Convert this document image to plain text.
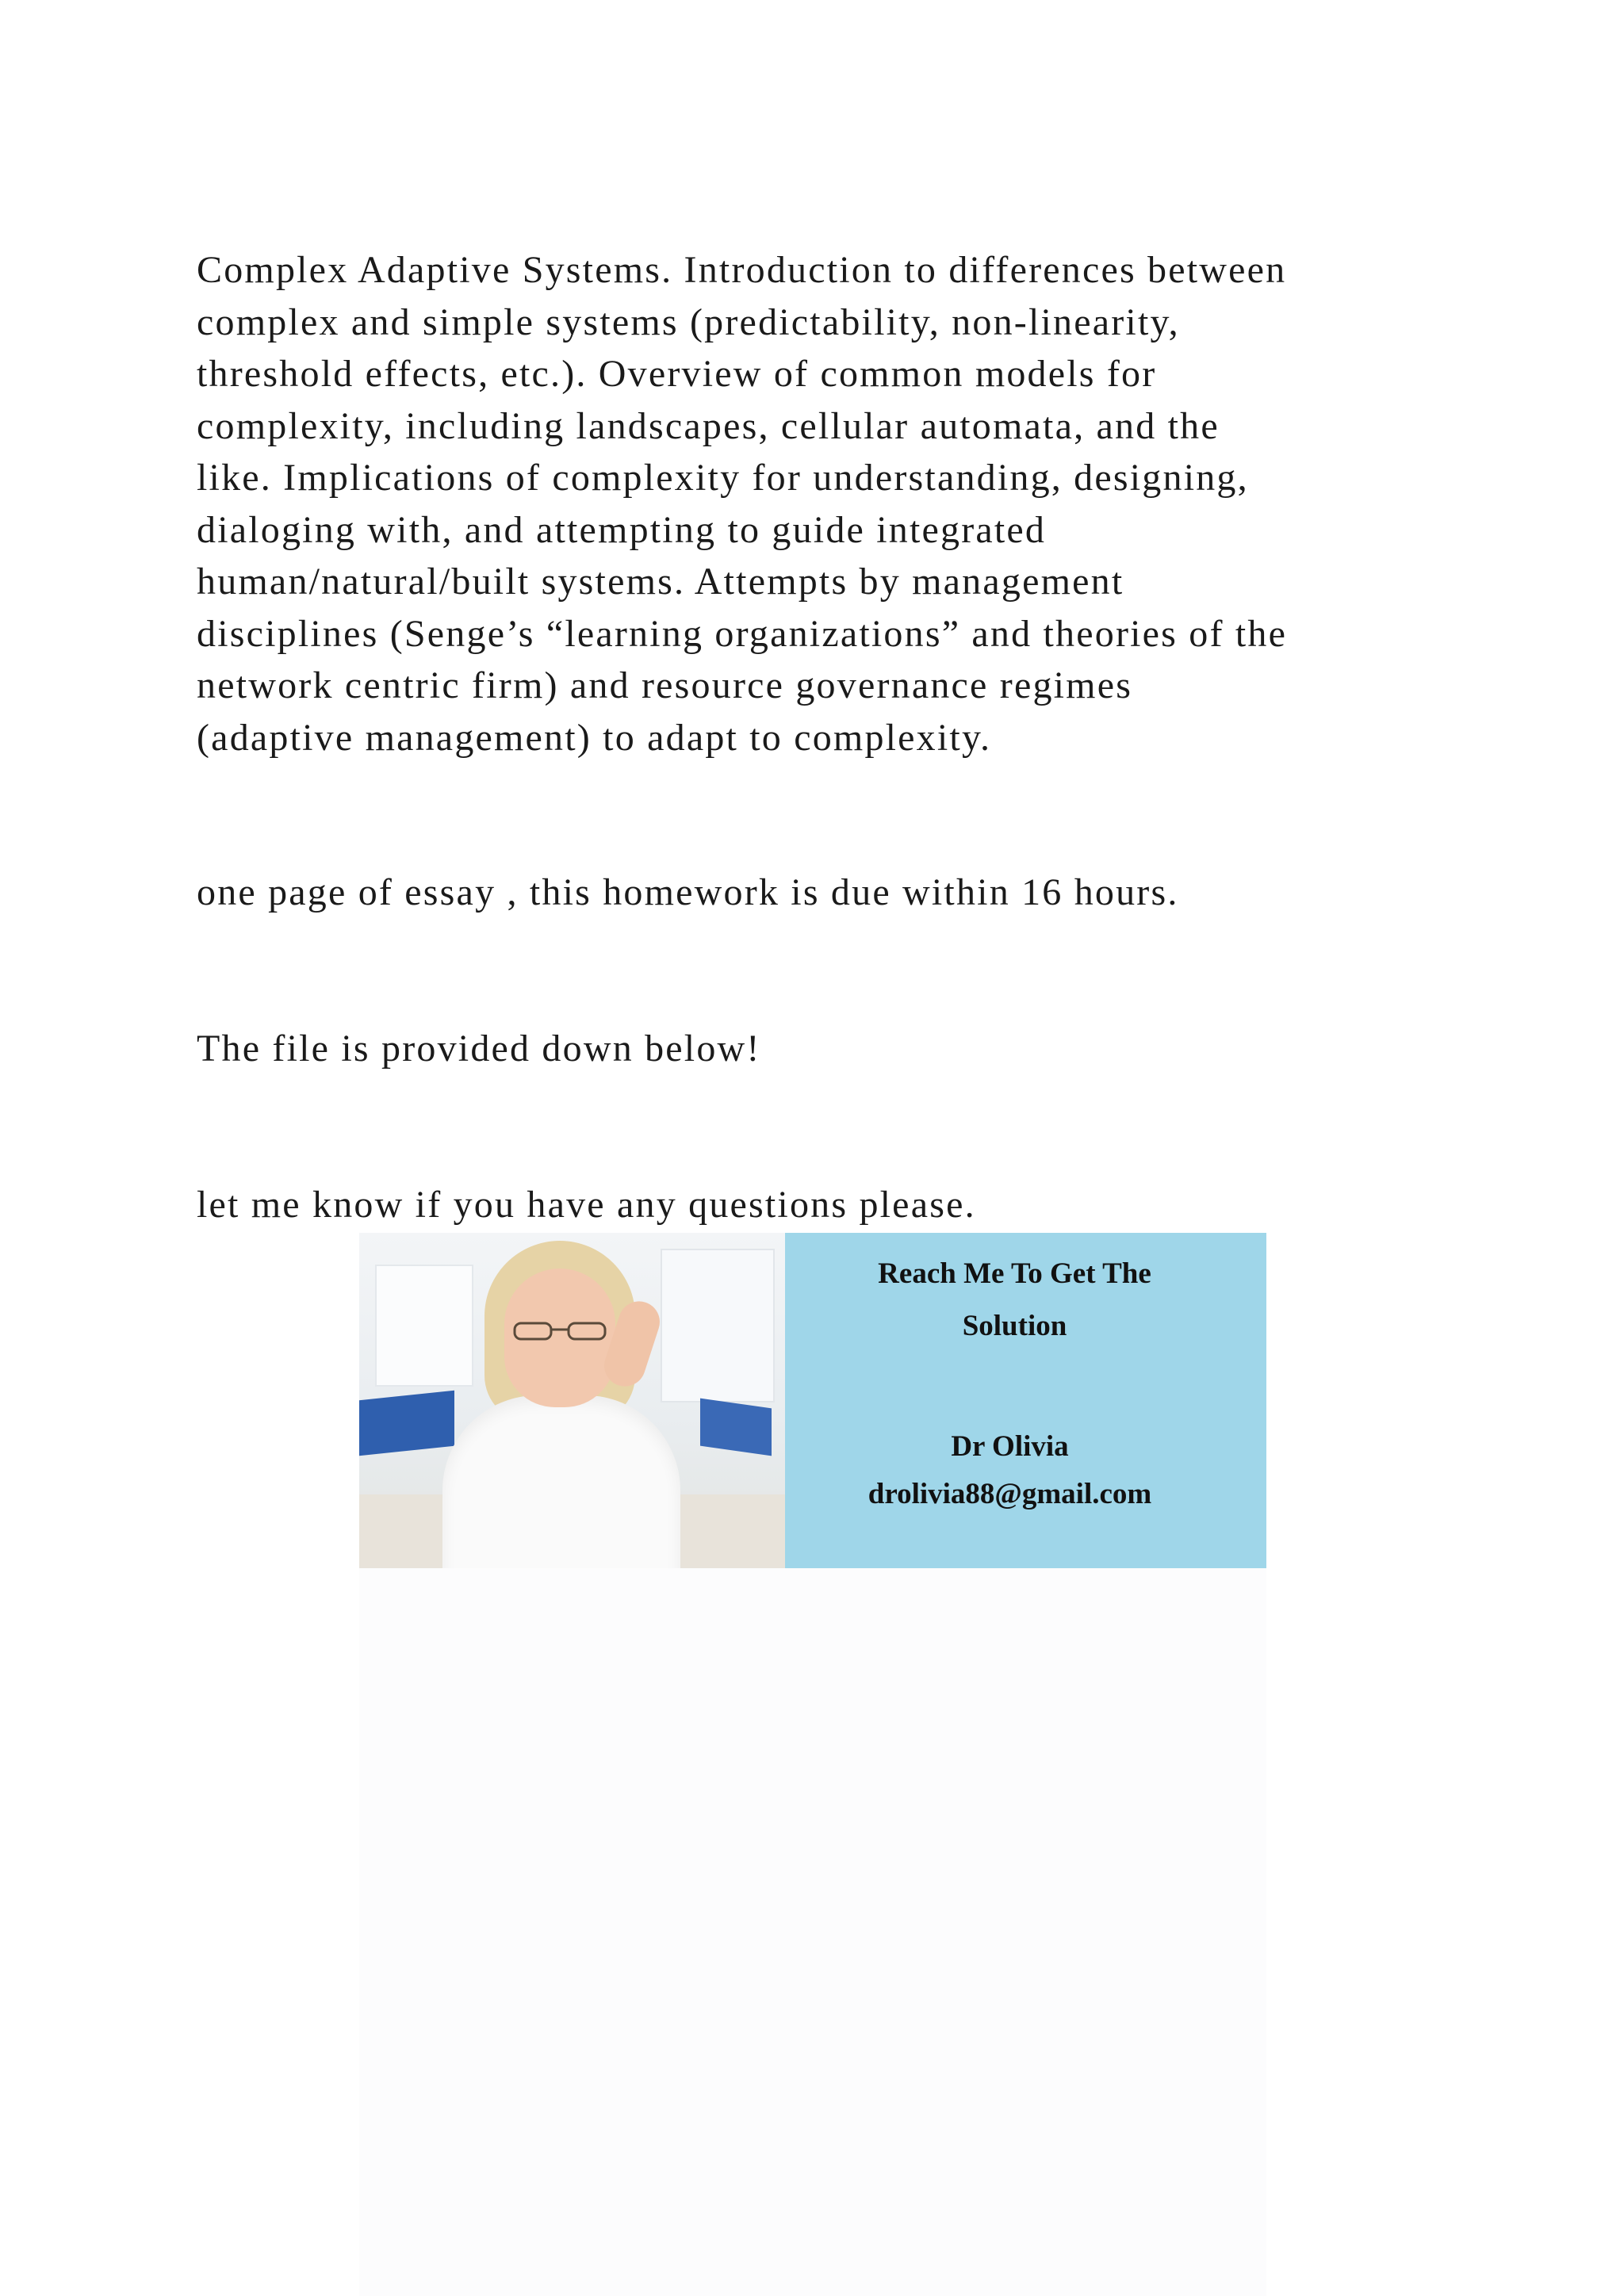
Complex Adaptive Systems. Introduction to differences between
complex and simple systems (predictability, non-linearity,
threshold effects, etc.). Overview of common models for
complexity, including landscapes, cellular automata, and the
like. Implications of complexity for understanding, designing,
dialoging with, and attempting to guide integrated
human/natural/built systems. Attempts by management
disciplines (Senge’s “learning organizations” and theories of the
network centric firm) and resource governance regimes
(adaptive management) to adapt to complexity.

one page of essay , this homework is due within 16 hours.

The file is provided down below!

let me know if you have any questions please.

Reach Me To Get The
Solution
Dr Olivia
drolivia88@gmail.com
